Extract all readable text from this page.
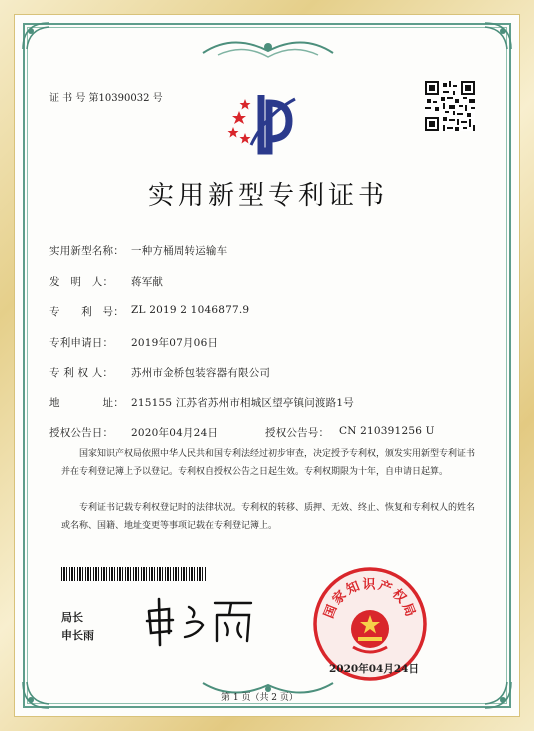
证 书 号 第10390032 号
实用新型专利证书
实用新型名称： 一种方桶周转运输车
发　明　人： 蒋军献
专　　利　号： ZL 2019 2 1046877.9
专利申请日： 2019年07月06日
专 利 权 人： 苏州市金桥包装容器有限公司
地　　　　址： 215155 江苏省苏州市相城区望亭镇问渡路1号
授权公告日： 2020年04月24日	授权公告号： CN 210391256 U
国家知识产权局依照中华人民共和国专利法经过初步审查，决定授予专利权，颁发实用新型专利证书并在专利登记簿上予以登记。专利权自授权公告之日起生效。专利权期限为十年，自申请日起算。
专利证书记载专利权登记时的法律状况。专利权的转移、质押、无效、终止、恢复和专利权人的姓名或名称、国籍、地址变更等事项记载在专利登记簿上。
局长
申长雨
国家知识产权局
2020年04月24日
第 1 页（共 2 页）
